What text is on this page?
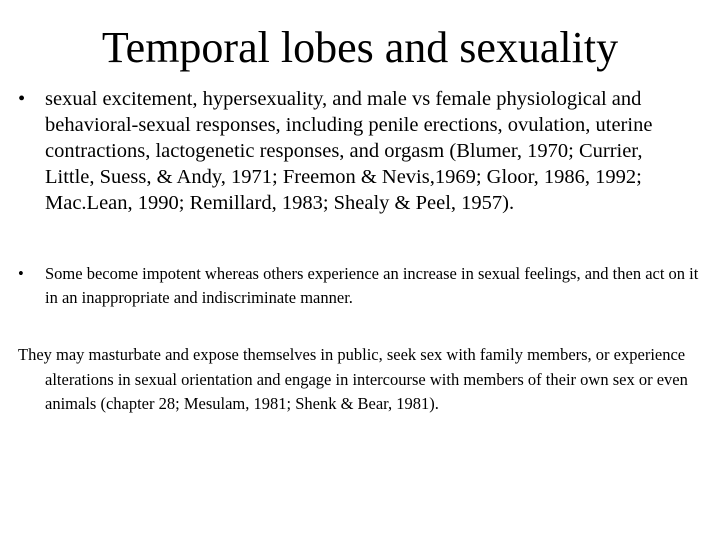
Temporal lobes and sexuality
• sexual excitement, hypersexuality, and male vs female physiological and behavioral-sexual responses, including penile erections, ovulation, uterine contractions, lactogenetic responses, and orgasm (Blumer, 1970; Currier, Little, Suess, & Andy, 1971; Freemon & Nevis,1969; Gloor, 1986, 1992; Mac.Lean, 1990; Remillard, 1983; Shealy & Peel, 1957).
•	Some become impotent whereas others experience an increase in sexual feelings, and then act on it in an inappropriate and indiscriminate manner.
They may masturbate and expose themselves in public, seek sex with family members, or experience alterations in sexual orientation and engage in intercourse with members of their own sex or even animals (chapter 28; Mesulam, 1981; Shenk & Bear, 1981).
